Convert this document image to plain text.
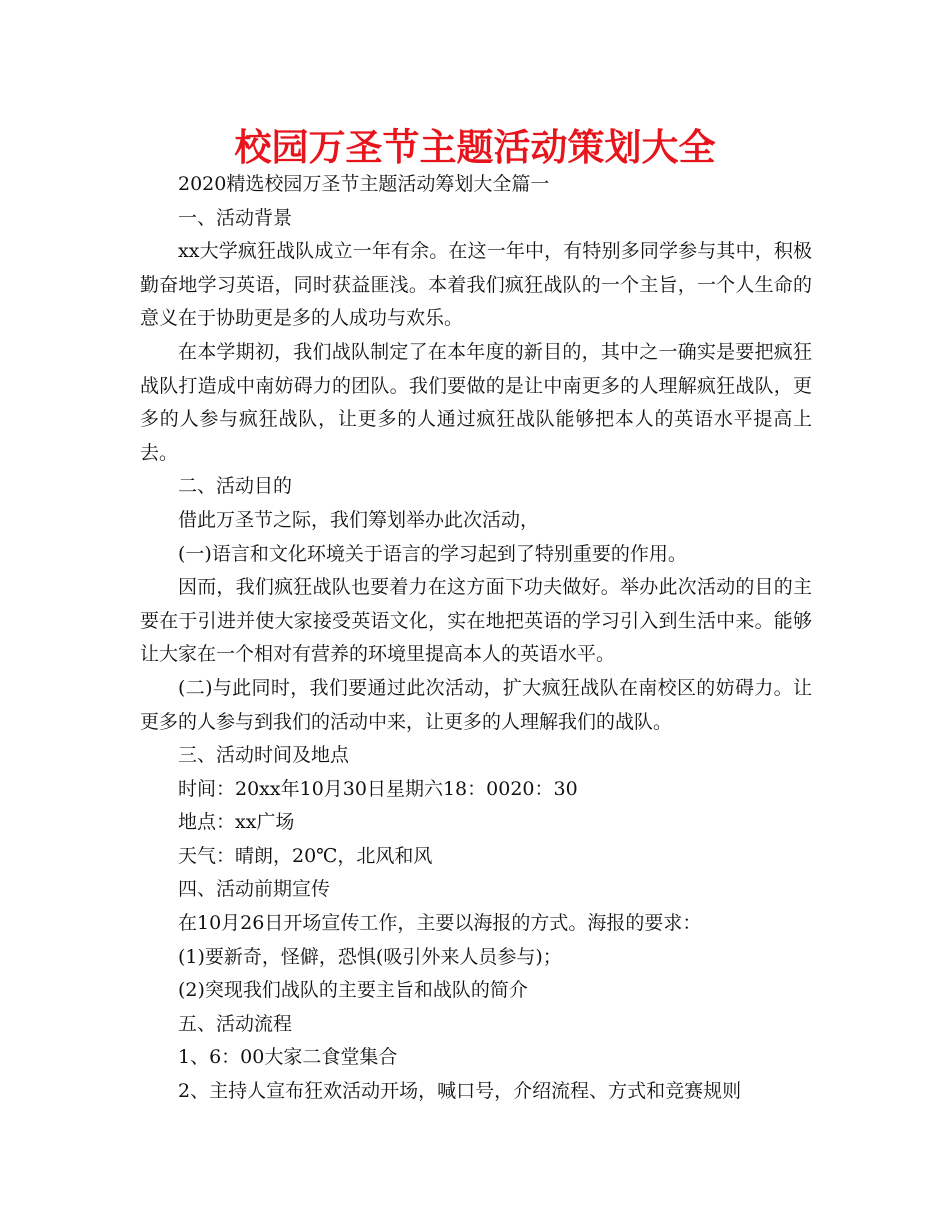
校园万圣节主题活动策划大全

2020精选校园万圣节主题活动筹划大全篇一

一、活动背景

xx大学疯狂战队成立一年有余。在这一年中，有特别多同学参与其中，积极勤奋地学习英语，同时获益匪浅。本着我们疯狂战队的一个主旨，一个人生命的意义在于协助更是多的人成功与欢乐。

在本学期初，我们战队制定了在本年度的新目的，其中之一确实是要把疯狂战队打造成中南妨碍力的团队。我们要做的是让中南更多的人理解疯狂战队，更多的人参与疯狂战队，让更多的人通过疯狂战队能够把本人的英语水平提高上去。

二、活动目的

借此万圣节之际，我们筹划举办此次活动，

(一)语言和文化环境关于语言的学习起到了特别重要的作用。

因而，我们疯狂战队也要着力在这方面下功夫做好。举办此次活动的目的主要在于引进并使大家接受英语文化，实在地把英语的学习引入到生活中来。能够让大家在一个相对有营养的环境里提高本人的英语水平。

(二)与此同时，我们要通过此次活动，扩大疯狂战队在南校区的妨碍力。让更多的人参与到我们的活动中来，让更多的人理解我们的战队。

三、活动时间及地点

时间：20xx年10月30日星期六18：0020：30

地点：xx广场

天气：晴朗，20℃，北风和风

四、活动前期宣传

在10月26日开场宣传工作，主要以海报的方式。海报的要求：

(1)要新奇，怪僻，恐惧(吸引外来人员参与)；

(2)突现我们战队的主要主旨和战队的简介

五、活动流程

1、6：00大家二食堂集合

2、主持人宣布狂欢活动开场，喊口号，介绍流程、方式和竞赛规则
